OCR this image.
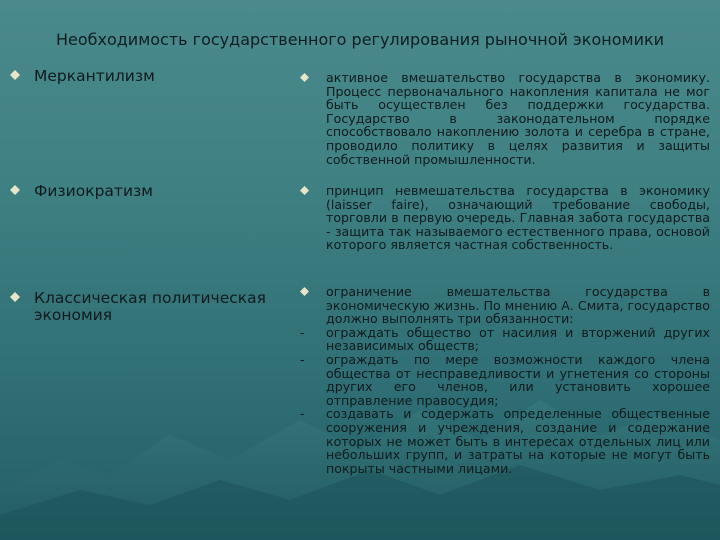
Необходимость государственного регулирования рыночной экономики
Меркантилизм
Физиократизм
Классическая политическая экономия
активное вмешательство государства в экономику. Процесс первоначального накопления капитала не мог быть осуществлен без поддержки государства. Государство в законодательном порядке способствовало накоплению золота и серебра в стране, проводило политику в целях развития и защиты собственной промышленности.
принцип невмешательства государства в экономику (laisser faire), означающий требование свободы, торговли в первую очередь. Главная забота государства - защита так называемого естественного права, основой которого является частная собственность.
ограничение вмешательства государства в экономическую жизнь. По мнению А. Смита, государство должно выполнять три обязанности:
- ограждать общество от насилия и вторжений других независимых обществ;
- ограждать по мере возможности каждого члена общества от несправедливости и угнетения со стороны других его членов, или установить хорошее отправление правосудия;
- создавать и содержать определенные общественные сооружения и учреждения, создание и содержание которых не может быть в интересах отдельных лиц или небольших групп, и затраты на которые не могут быть покрыты частными лицами.
